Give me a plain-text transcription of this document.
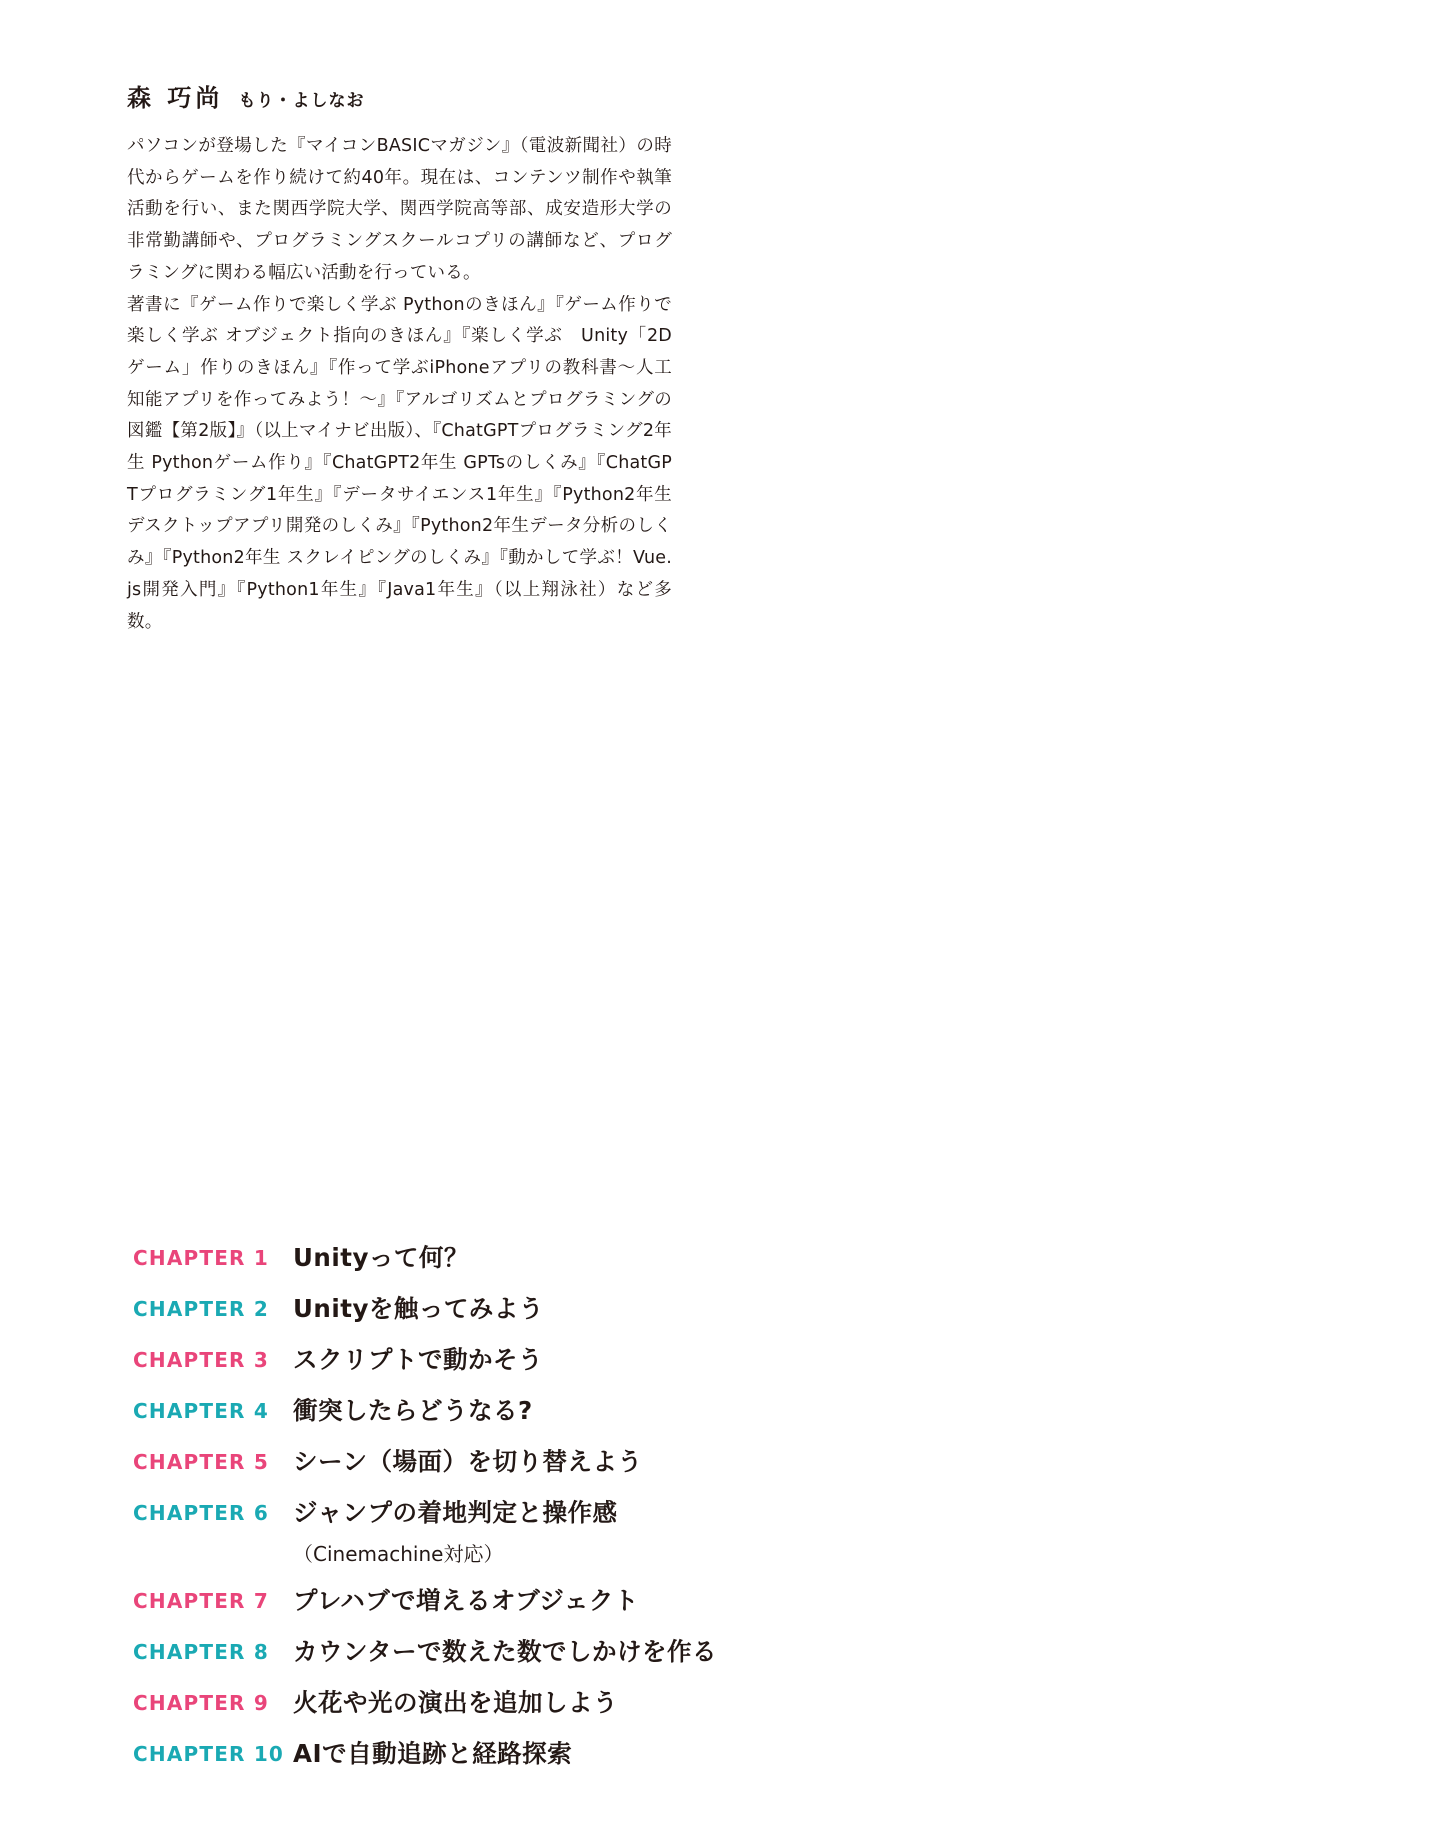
森 巧尚 もり・よしなお

パソコンが登場した『マイコンBASICマガジン』（電波新聞社）の時代からゲームを作り続けて約40年。現在は、コンテンツ制作や執筆活動を行い、また関西学院大学、関西学院高等部、成安造形大学の非常勤講師や、プログラミングスクールコプリの講師など、プログラミングに関わる幅広い活動を行っている。

著書に『ゲーム作りで楽しく学ぶ Pythonのきほん』『ゲーム作りで楽しく学ぶ オブジェクト指向のきほん』『楽しく学ぶ　Unity「2Dゲーム」作りのきほん』『作って学ぶiPhoneアプリの教科書〜人工知能アプリを作ってみよう！〜』『アルゴリズムとプログラミングの図鑑【第2版】』（以上マイナビ出版）、『ChatGPTプログラミング2年生 Pythonゲーム作り』『ChatGPT2年生 GPTsのしくみ』『ChatGPTプログラミング1年生』『データサイエンス1年生』『Python2年生 デスクトップアプリ開発のしくみ』『Python2年生データ分析のしくみ』『Python2年生 スクレイピングのしくみ』『動かして学ぶ！Vue.js開発入門』『Python1年生』『Java1年生』（以上翔泳社）など多数。

CHAPTER 1 Unityって何？
CHAPTER 2 Unityを触ってみよう
CHAPTER 3 スクリプトで動かそう
CHAPTER 4 衝突したらどうなる?
CHAPTER 5 シーン（場面）を切り替えよう
CHAPTER 6 ジャンプの着地判定と操作感
（Cinemachine対応）
CHAPTER 7 プレハブで増えるオブジェクト
CHAPTER 8 カウンターで数えた数でしかけを作る
CHAPTER 9 火花や光の演出を追加しよう
CHAPTER 10 AIで自動追跡と経路探索
